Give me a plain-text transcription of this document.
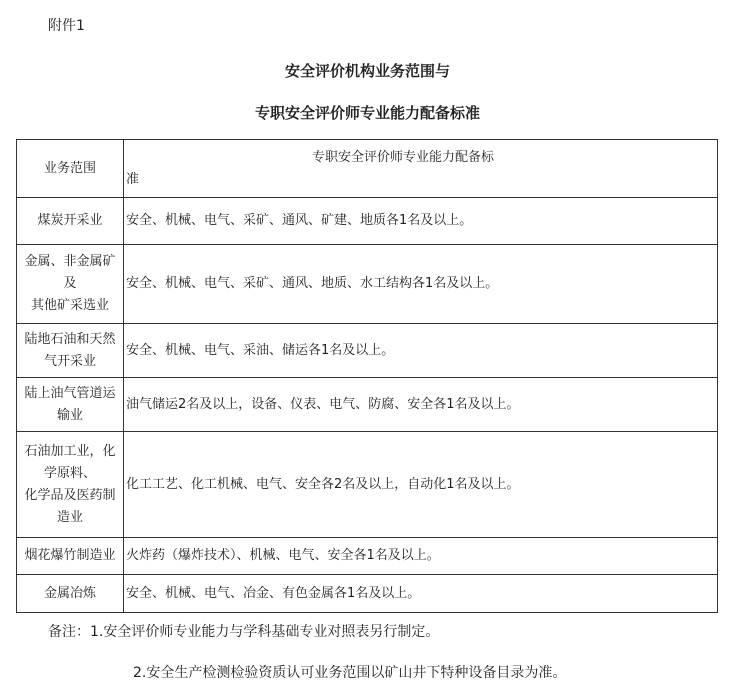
附件1
安全评价机构业务范围与
专职安全评价师专业能力配备标准
业务范围	专职安全评价师专业能力配备标
准

煤炭开采业	安全、机械、电气、采矿、通风、矿建、地质各1名及以上。

金属、非金属矿
及
其他矿采选业	安全、机械、电气、采矿、通风、地质、水工结构各1名及以上。

陆地石油和天然
气开采业	安全、机械、电气、采油、储运各1名及以上。

陆上油气管道运
输业	油气储运2名及以上，设备、仪表、电气、防腐、安全各1名及以上。

石油加工业，化
学原料、
化学品及医药制
造业	化工工艺、化工机械、电气、安全各2名及以上，自动化1名及以上。

烟花爆竹制造业	火炸药（爆炸技术）、机械、电气、安全各1名及以上。

金属冶炼	安全、机械、电气、冶金、有色金属各1名及以上。
备注：1.安全评价师专业能力与学科基础专业对照表另行制定。
2.安全生产检测检验资质认可业务范围以矿山井下特种设备目录为准。
